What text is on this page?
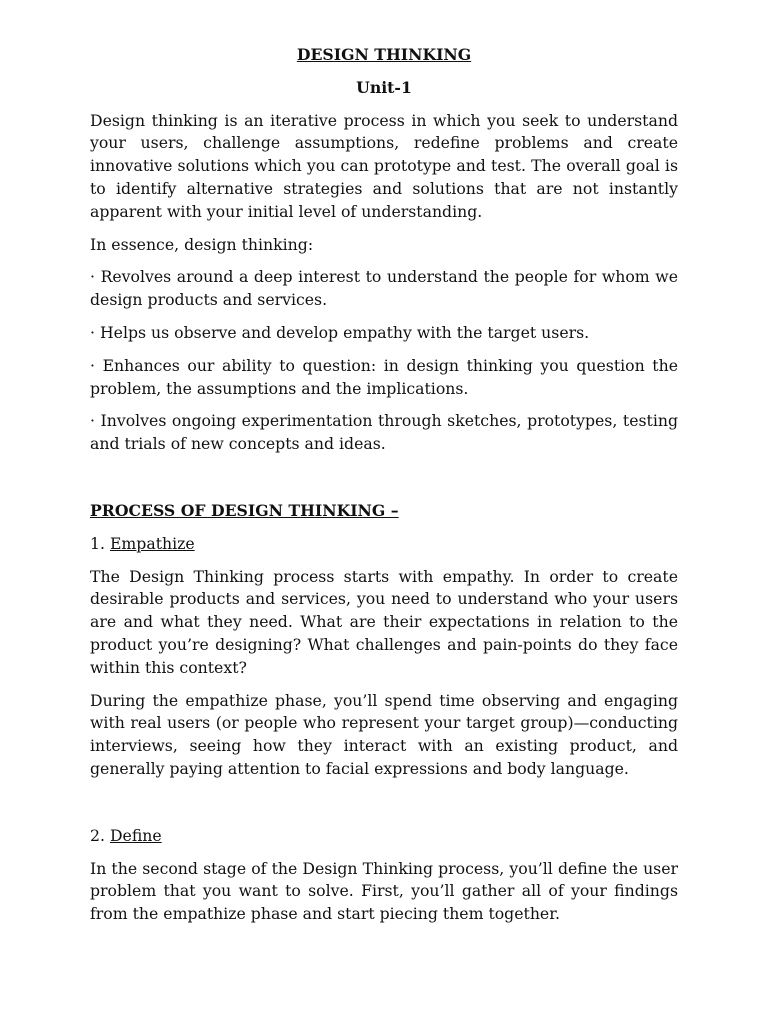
DESIGN THINKING
Unit-1

Design thinking is an iterative process in which you seek to understand your users, challenge assumptions, redefine problems and create innovative solutions which you can prototype and test. The overall goal is to identify alternative strategies and solutions that are not instantly apparent with your initial level of understanding.

In essence, design thinking:

· Revolves around a deep interest to understand the people for whom we design products and services.

· Helps us observe and develop empathy with the target users.

· Enhances our ability to question: in design thinking you question the problem, the assumptions and the implications.

· Involves ongoing experimentation through sketches, prototypes, testing and trials of new concepts and ideas.

PROCESS OF DESIGN THINKING –

1. Empathize

The Design Thinking process starts with empathy. In order to create desirable products and services, you need to understand who your users are and what they need. What are their expectations in relation to the product you’re designing? What challenges and pain-points do they face within this context?

During the empathize phase, you’ll spend time observing and engaging with real users (or people who represent your target group)—conducting interviews, seeing how they interact with an existing product, and generally paying attention to facial expressions and body language.

2. Define

In the second stage of the Design Thinking process, you’ll define the user problem that you want to solve. First, you’ll gather all of your findings from the empathize phase and start piecing them together.
